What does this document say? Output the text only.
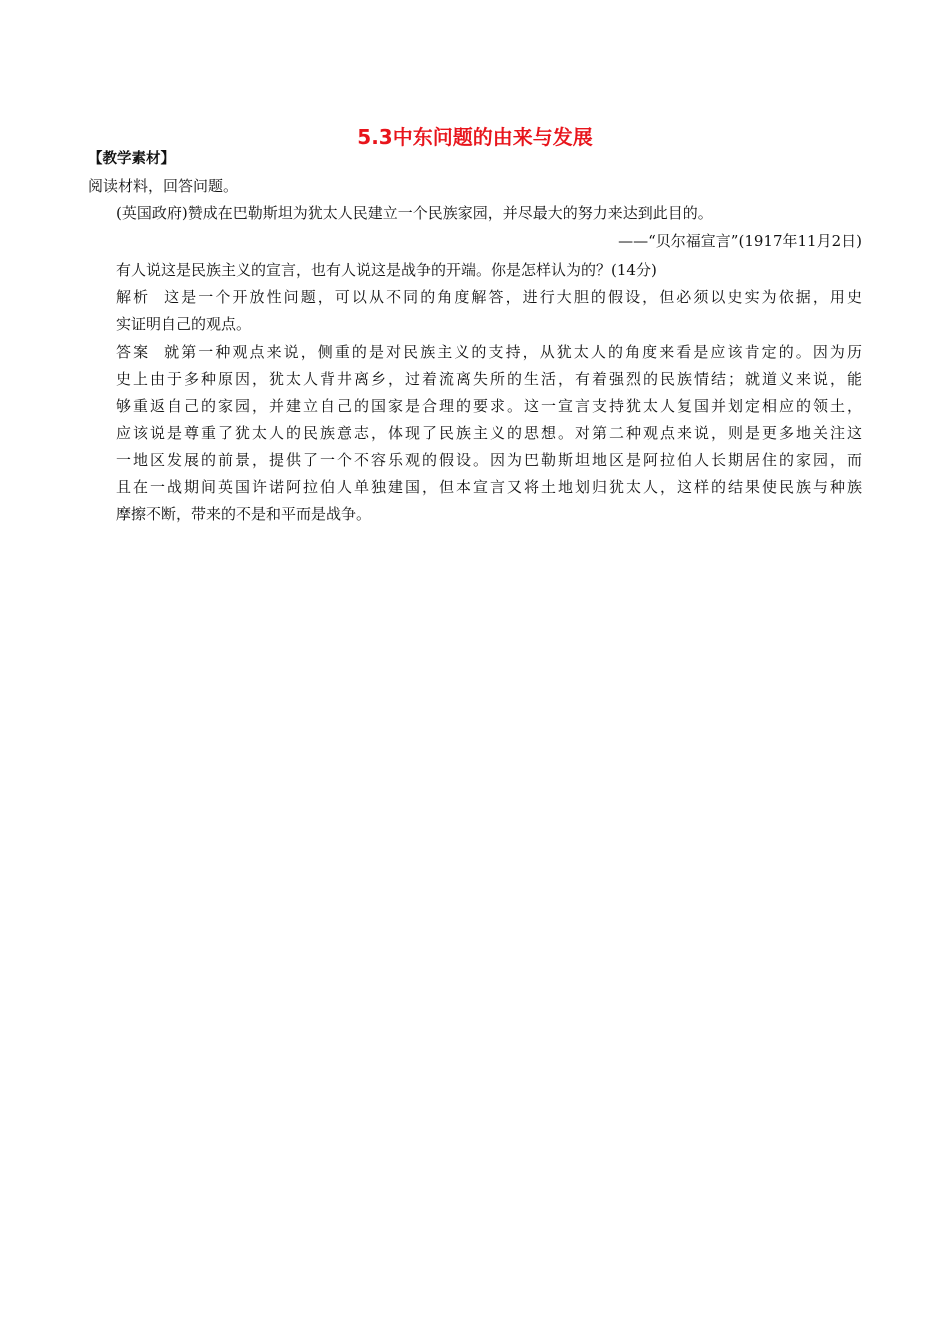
5.3中东问题的由来与发展
【教学素材】
阅读材料，回答问题。
(英国政府)赞成在巴勒斯坦为犹太人民建立一个民族家园，并尽最大的努力来达到此目的。
——“贝尔福宣言”(1917年11月2日)
有人说这是民族主义的宣言，也有人说这是战争的开端。你是怎样认为的？(14分)
解析 这是一个开放性问题，可以从不同的角度解答，进行大胆的假设，但必须以史实为依据，用史
实证明自己的观点。
答案 就第一种观点来说，侧重的是对民族主义的支持，从犹太人的角度来看是应该肯定的。因为历
史上由于多种原因，犹太人背井离乡，过着流离失所的生活，有着强烈的民族情结；就道义来说，能
够重返自己的家园，并建立自己的国家是合理的要求。这一宣言支持犹太人复国并划定相应的领土，
应该说是尊重了犹太人的民族意志，体现了民族主义的思想。对第二种观点来说，则是更多地关注这
一地区发展的前景，提供了一个不容乐观的假设。因为巴勒斯坦地区是阿拉伯人长期居住的家园，而
且在一战期间英国许诺阿拉伯人单独建国，但本宣言又将土地划归犹太人，这样的结果使民族与种族
摩擦不断，带来的不是和平而是战争。
